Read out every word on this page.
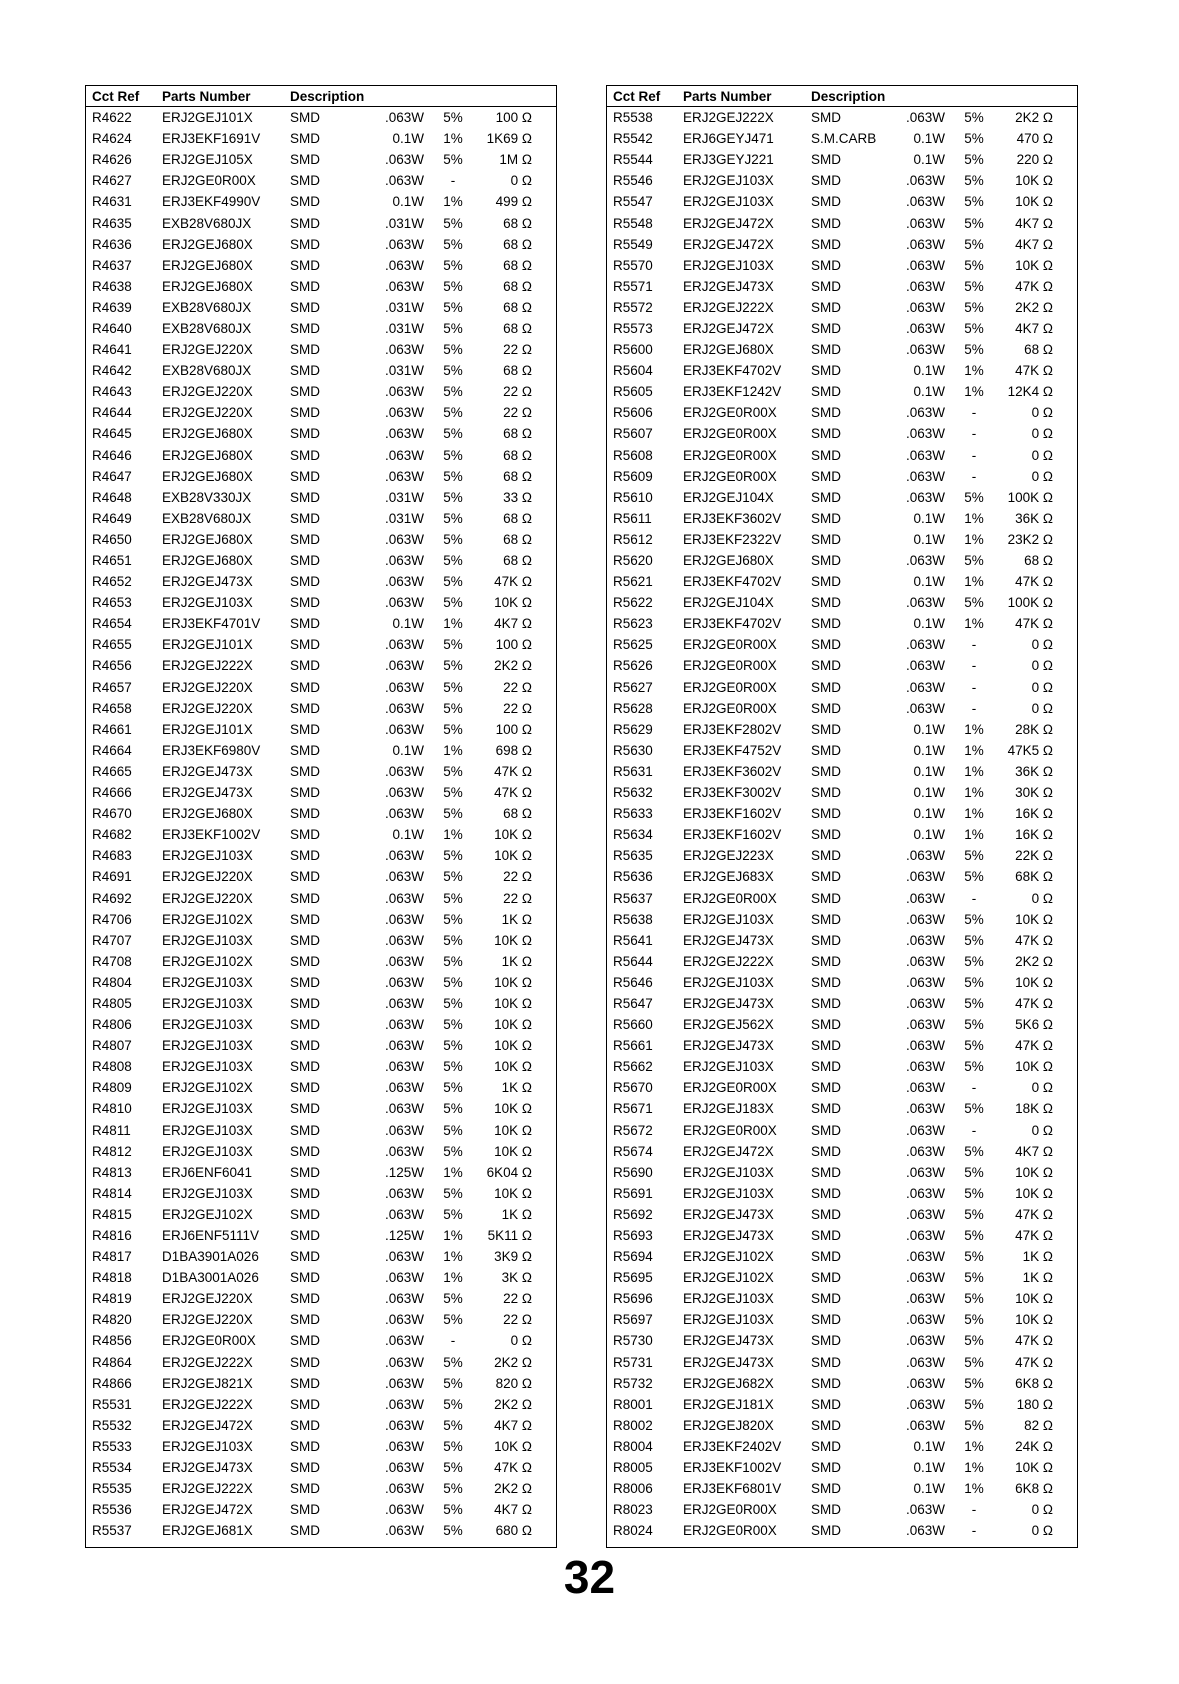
Cct Ref	Parts Number	Description			
R4622	ERJ2GEJ101X	SMD	.063W	5%	100 Ω
R4624	ERJ3EKF1691V	SMD	0.1W	1%	1K69 Ω
R4626	ERJ2GEJ105X	SMD	.063W	5%	1M Ω
R4627	ERJ2GE0R00X	SMD	.063W	-	0 Ω
R4631	ERJ3EKF4990V	SMD	0.1W	1%	499 Ω
R4635	EXB28V680JX	SMD	.031W	5%	68 Ω
R4636	ERJ2GEJ680X	SMD	.063W	5%	68 Ω
R4637	ERJ2GEJ680X	SMD	.063W	5%	68 Ω
R4638	ERJ2GEJ680X	SMD	.063W	5%	68 Ω
R4639	EXB28V680JX	SMD	.031W	5%	68 Ω
R4640	EXB28V680JX	SMD	.031W	5%	68 Ω
R4641	ERJ2GEJ220X	SMD	.063W	5%	22 Ω
R4642	EXB28V680JX	SMD	.031W	5%	68 Ω
R4643	ERJ2GEJ220X	SMD	.063W	5%	22 Ω
R4644	ERJ2GEJ220X	SMD	.063W	5%	22 Ω
R4645	ERJ2GEJ680X	SMD	.063W	5%	68 Ω
R4646	ERJ2GEJ680X	SMD	.063W	5%	68 Ω
R4647	ERJ2GEJ680X	SMD	.063W	5%	68 Ω
R4648	EXB28V330JX	SMD	.031W	5%	33 Ω
R4649	EXB28V680JX	SMD	.031W	5%	68 Ω
R4650	ERJ2GEJ680X	SMD	.063W	5%	68 Ω
R4651	ERJ2GEJ680X	SMD	.063W	5%	68 Ω
R4652	ERJ2GEJ473X	SMD	.063W	5%	47K Ω
R4653	ERJ2GEJ103X	SMD	.063W	5%	10K Ω
R4654	ERJ3EKF4701V	SMD	0.1W	1%	4K7 Ω
R4655	ERJ2GEJ101X	SMD	.063W	5%	100 Ω
R4656	ERJ2GEJ222X	SMD	.063W	5%	2K2 Ω
R4657	ERJ2GEJ220X	SMD	.063W	5%	22 Ω
R4658	ERJ2GEJ220X	SMD	.063W	5%	22 Ω
R4661	ERJ2GEJ101X	SMD	.063W	5%	100 Ω
R4664	ERJ3EKF6980V	SMD	0.1W	1%	698 Ω
R4665	ERJ2GEJ473X	SMD	.063W	5%	47K Ω
R4666	ERJ2GEJ473X	SMD	.063W	5%	47K Ω
R4670	ERJ2GEJ680X	SMD	.063W	5%	68 Ω
R4682	ERJ3EKF1002V	SMD	0.1W	1%	10K Ω
R4683	ERJ2GEJ103X	SMD	.063W	5%	10K Ω
R4691	ERJ2GEJ220X	SMD	.063W	5%	22 Ω
R4692	ERJ2GEJ220X	SMD	.063W	5%	22 Ω
R4706	ERJ2GEJ102X	SMD	.063W	5%	1K Ω
R4707	ERJ2GEJ103X	SMD	.063W	5%	10K Ω
R4708	ERJ2GEJ102X	SMD	.063W	5%	1K Ω
R4804	ERJ2GEJ103X	SMD	.063W	5%	10K Ω
R4805	ERJ2GEJ103X	SMD	.063W	5%	10K Ω
R4806	ERJ2GEJ103X	SMD	.063W	5%	10K Ω
R4807	ERJ2GEJ103X	SMD	.063W	5%	10K Ω
R4808	ERJ2GEJ103X	SMD	.063W	5%	10K Ω
R4809	ERJ2GEJ102X	SMD	.063W	5%	1K Ω
R4810	ERJ2GEJ103X	SMD	.063W	5%	10K Ω
R4811	ERJ2GEJ103X	SMD	.063W	5%	10K Ω
R4812	ERJ2GEJ103X	SMD	.063W	5%	10K Ω
R4813	ERJ6ENF6041	SMD	.125W	1%	6K04 Ω
R4814	ERJ2GEJ103X	SMD	.063W	5%	10K Ω
R4815	ERJ2GEJ102X	SMD	.063W	5%	1K Ω
R4816	ERJ6ENF5111V	SMD	.125W	1%	5K11 Ω
R4817	D1BA3901A026	SMD	.063W	1%	3K9 Ω
R4818	D1BA3001A026	SMD	.063W	1%	3K Ω
R4819	ERJ2GEJ220X	SMD	.063W	5%	22 Ω
R4820	ERJ2GEJ220X	SMD	.063W	5%	22 Ω
R4856	ERJ2GE0R00X	SMD	.063W	-	0 Ω
R4864	ERJ2GEJ222X	SMD	.063W	5%	2K2 Ω
R4866	ERJ2GEJ821X	SMD	.063W	5%	820 Ω
R5531	ERJ2GEJ222X	SMD	.063W	5%	2K2 Ω
R5532	ERJ2GEJ472X	SMD	.063W	5%	4K7 Ω
R5533	ERJ2GEJ103X	SMD	.063W	5%	10K Ω
R5534	ERJ2GEJ473X	SMD	.063W	5%	47K Ω
R5535	ERJ2GEJ222X	SMD	.063W	5%	2K2 Ω
R5536	ERJ2GEJ472X	SMD	.063W	5%	4K7 Ω
R5537	ERJ2GEJ681X	SMD	.063W	5%	680 Ω
Cct Ref	Parts Number	Description			
R5538	ERJ2GEJ222X	SMD	.063W	5%	2K2 Ω
R5542	ERJ6GEYJ471	S.M.CARB	0.1W	5%	470 Ω
R5544	ERJ3GEYJ221	SMD	0.1W	5%	220 Ω
R5546	ERJ2GEJ103X	SMD	.063W	5%	10K Ω
R5547	ERJ2GEJ103X	SMD	.063W	5%	10K Ω
R5548	ERJ2GEJ472X	SMD	.063W	5%	4K7 Ω
R5549	ERJ2GEJ472X	SMD	.063W	5%	4K7 Ω
R5570	ERJ2GEJ103X	SMD	.063W	5%	10K Ω
R5571	ERJ2GEJ473X	SMD	.063W	5%	47K Ω
R5572	ERJ2GEJ222X	SMD	.063W	5%	2K2 Ω
R5573	ERJ2GEJ472X	SMD	.063W	5%	4K7 Ω
R5600	ERJ2GEJ680X	SMD	.063W	5%	68 Ω
R5604	ERJ3EKF4702V	SMD	0.1W	1%	47K Ω
R5605	ERJ3EKF1242V	SMD	0.1W	1%	12K4 Ω
R5606	ERJ2GE0R00X	SMD	.063W	-	0 Ω
R5607	ERJ2GE0R00X	SMD	.063W	-	0 Ω
R5608	ERJ2GE0R00X	SMD	.063W	-	0 Ω
R5609	ERJ2GE0R00X	SMD	.063W	-	0 Ω
R5610	ERJ2GEJ104X	SMD	.063W	5%	100K Ω
R5611	ERJ3EKF3602V	SMD	0.1W	1%	36K Ω
R5612	ERJ3EKF2322V	SMD	0.1W	1%	23K2 Ω
R5620	ERJ2GEJ680X	SMD	.063W	5%	68 Ω
R5621	ERJ3EKF4702V	SMD	0.1W	1%	47K Ω
R5622	ERJ2GEJ104X	SMD	.063W	5%	100K Ω
R5623	ERJ3EKF4702V	SMD	0.1W	1%	47K Ω
R5625	ERJ2GE0R00X	SMD	.063W	-	0 Ω
R5626	ERJ2GE0R00X	SMD	.063W	-	0 Ω
R5627	ERJ2GE0R00X	SMD	.063W	-	0 Ω
R5628	ERJ2GE0R00X	SMD	.063W	-	0 Ω
R5629	ERJ3EKF2802V	SMD	0.1W	1%	28K Ω
R5630	ERJ3EKF4752V	SMD	0.1W	1%	47K5 Ω
R5631	ERJ3EKF3602V	SMD	0.1W	1%	36K Ω
R5632	ERJ3EKF3002V	SMD	0.1W	1%	30K Ω
R5633	ERJ3EKF1602V	SMD	0.1W	1%	16K Ω
R5634	ERJ3EKF1602V	SMD	0.1W	1%	16K Ω
R5635	ERJ2GEJ223X	SMD	.063W	5%	22K Ω
R5636	ERJ2GEJ683X	SMD	.063W	5%	68K Ω
R5637	ERJ2GE0R00X	SMD	.063W	-	0 Ω
R5638	ERJ2GEJ103X	SMD	.063W	5%	10K Ω
R5641	ERJ2GEJ473X	SMD	.063W	5%	47K Ω
R5644	ERJ2GEJ222X	SMD	.063W	5%	2K2 Ω
R5646	ERJ2GEJ103X	SMD	.063W	5%	10K Ω
R5647	ERJ2GEJ473X	SMD	.063W	5%	47K Ω
R5660	ERJ2GEJ562X	SMD	.063W	5%	5K6 Ω
R5661	ERJ2GEJ473X	SMD	.063W	5%	47K Ω
R5662	ERJ2GEJ103X	SMD	.063W	5%	10K Ω
R5670	ERJ2GE0R00X	SMD	.063W	-	0 Ω
R5671	ERJ2GEJ183X	SMD	.063W	5%	18K Ω
R5672	ERJ2GE0R00X	SMD	.063W	-	0 Ω
R5674	ERJ2GEJ472X	SMD	.063W	5%	4K7 Ω
R5690	ERJ2GEJ103X	SMD	.063W	5%	10K Ω
R5691	ERJ2GEJ103X	SMD	.063W	5%	10K Ω
R5692	ERJ2GEJ473X	SMD	.063W	5%	47K Ω
R5693	ERJ2GEJ473X	SMD	.063W	5%	47K Ω
R5694	ERJ2GEJ102X	SMD	.063W	5%	1K Ω
R5695	ERJ2GEJ102X	SMD	.063W	5%	1K Ω
R5696	ERJ2GEJ103X	SMD	.063W	5%	10K Ω
R5697	ERJ2GEJ103X	SMD	.063W	5%	10K Ω
R5730	ERJ2GEJ473X	SMD	.063W	5%	47K Ω
R5731	ERJ2GEJ473X	SMD	.063W	5%	47K Ω
R5732	ERJ2GEJ682X	SMD	.063W	5%	6K8 Ω
R8001	ERJ2GEJ181X	SMD	.063W	5%	180 Ω
R8002	ERJ2GEJ820X	SMD	.063W	5%	82 Ω
R8004	ERJ3EKF2402V	SMD	0.1W	1%	24K Ω
R8005	ERJ3EKF1002V	SMD	0.1W	1%	10K Ω
R8006	ERJ3EKF6801V	SMD	0.1W	1%	6K8 Ω
R8023	ERJ2GE0R00X	SMD	.063W	-	0 Ω
R8024	ERJ2GE0R00X	SMD	.063W	-	0 Ω
32
